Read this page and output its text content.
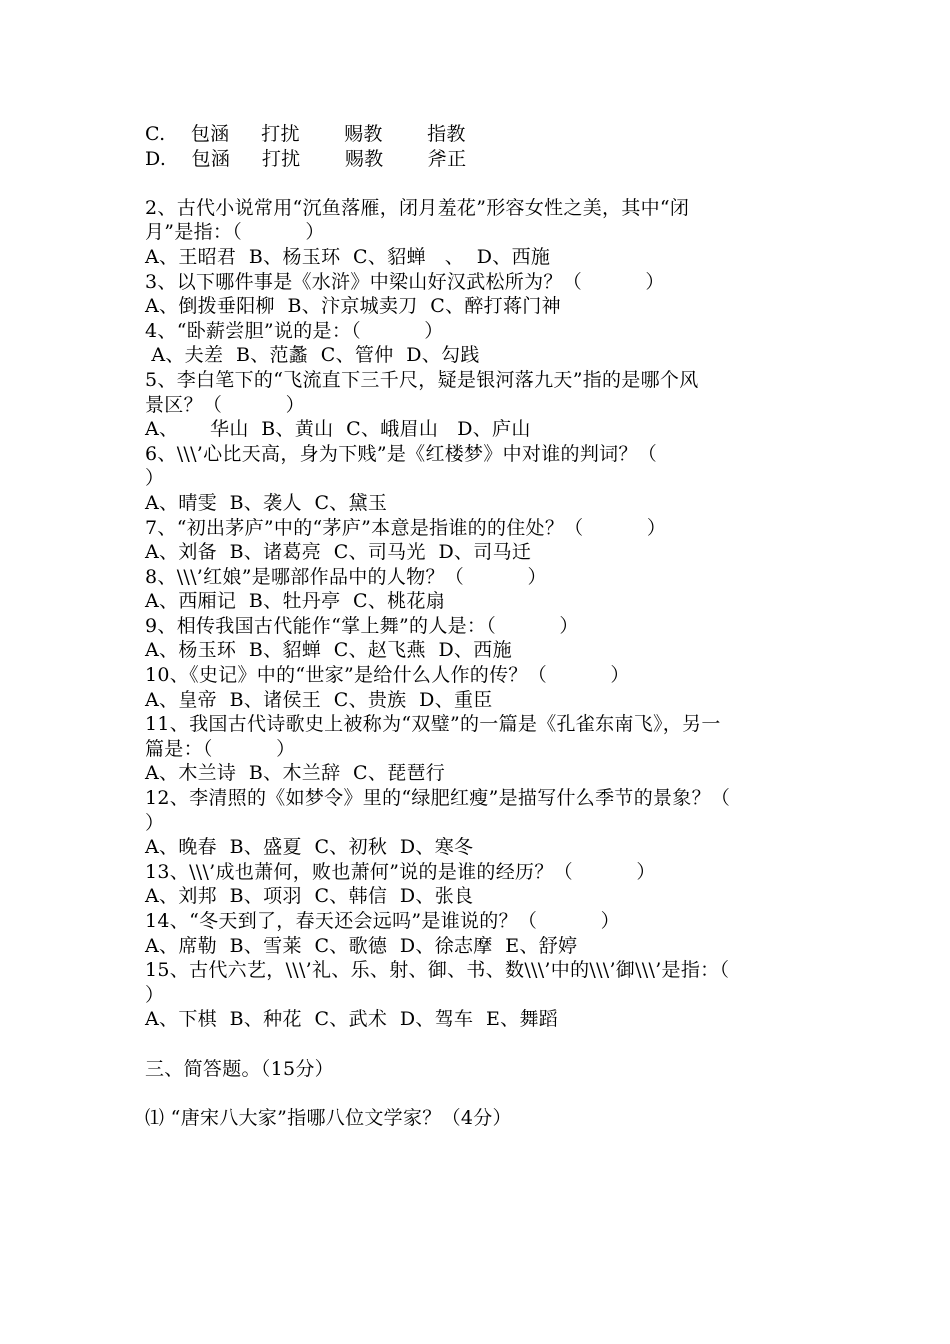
C.    包涵     打扰       赐教       指教
D.    包涵     打扰       赐教       斧正
2、古代小说常用“沉鱼落雁，闭月羞花”形容女性之美，其中“闭
月”是指：（          ）
A、王昭君  B、杨玉环  C、貂蝉   、  D、西施
3、以下哪件事是《水浒》中梁山好汉武松所为？（          ）
A、倒拨垂阳柳  B、汴京城卖刀  C、醉打蒋门神
4、“卧薪尝胆”说的是：（          ）
A、夫差  B、范蠡  C、管仲  D、勾践
5、李白笔下的“飞流直下三千尺，疑是银河落九天”指的是哪个风
景区？（          ）
A、     华山  B、黄山  C、峨眉山   D、庐山
6、\\\’心比天高，身为下贱”是《红楼梦》中对谁的判词？（
）
A、晴雯  B、袭人  C、黛玉
7、“初出茅庐”中的“茅庐”本意是指谁的的住处？（          ）
A、刘备  B、诸葛亮  C、司马光  D、司马迁
8、\\\’红娘”是哪部作品中的人物？（          ）
A、西厢记  B、牡丹亭  C、桃花扇
9、相传我国古代能作“掌上舞”的人是：（          ）
A、杨玉环  B、貂蝉  C、赵飞燕  D、西施
10、《史记》中的“世家”是给什么人作的传？（          ）
A、皇帝  B、诸侯王  C、贵族  D、重臣
11、我国古代诗歌史上被称为“双璧”的一篇是《孔雀东南飞》，另一
篇是：（          ）
A、木兰诗  B、木兰辞  C、琵琶行
12、李清照的《如梦令》里的“绿肥红瘦”是描写什么季节的景象？（
）
A、晚春  B、盛夏  C、初秋  D、寒冬
13、\\\’成也萧何，败也萧何”说的是谁的经历？（          ）
A、刘邦  B、项羽  C、韩信  D、张良
14、“冬天到了，春天还会远吗”是谁说的？（          ）
A、席勒  B、雪莱  C、歌德  D、徐志摩  E、舒婷
15、古代六艺，\\\’礼、乐、射、御、书、数\\\’中的\\\’御\\\’是指：（
）
A、下棋  B、种花  C、武术  D、驾车  E、舞蹈
三、简答题。（15分）
⑴ “唐宋八大家”指哪八位文学家？（4分）
